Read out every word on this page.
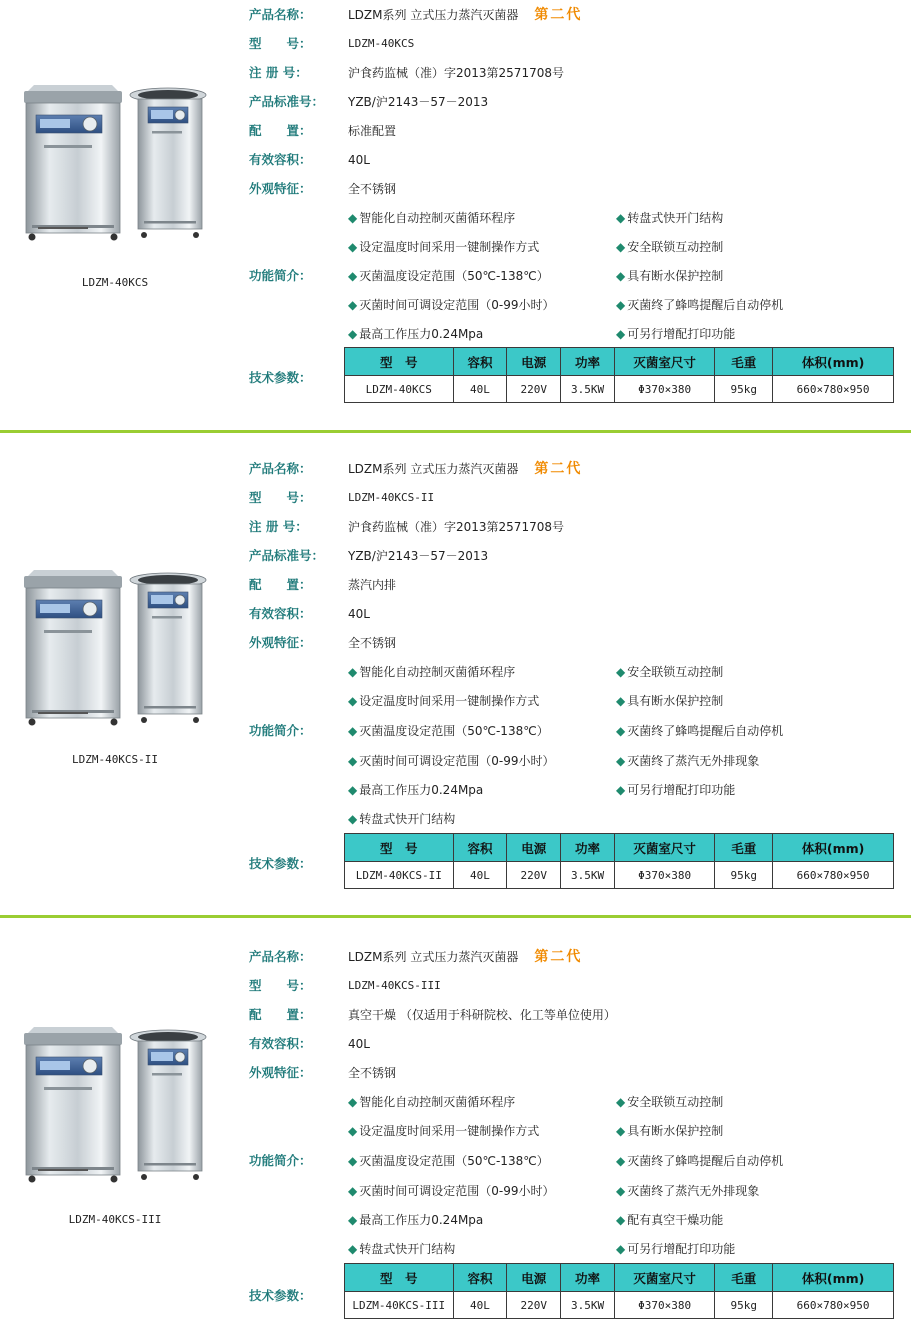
LDZM-40KCS
产品名称：	LDZM系列 立式压力蒸汽灭菌器 第二代
型　　号：	LDZM-40KCS
注 册 号：	沪食药监械（准）字2013第2571708号
产品标准号：	YZB/沪2143－57－2013
配　　置：	标准配置
有效容积：	40L
外观特征：	全不锈钢
功能简介：
◆ 智能化自动控制灭菌循环程序
◆ 设定温度时间采用一键制操作方式
◆ 灭菌温度设定范围（50℃-138℃）
◆ 灭菌时间可调设定范围（0-99小时）
◆ 最高工作压力0.24Mpa
◆ 转盘式快开门结构
◆ 安全联锁互动控制
◆ 具有断水保护控制
◆ 灭菌终了蜂鸣提醒后自动停机
◆ 可另行增配打印功能
技术参数：
型　号	容积	电源	功率	灭菌室尺寸	毛重	体积(mm)
LDZM-40KCS	40L	220V	3.5KW	Φ370×380	95kg	660×780×950
LDZM-40KCS-II
产品名称：	LDZM系列 立式压力蒸汽灭菌器 第二代
型　　号：	LDZM-40KCS-II
注 册 号：	沪食药监械（准）字2013第2571708号
产品标准号：	YZB/沪2143－57－2013
配　　置：	蒸汽内排
有效容积：	40L
外观特征：	全不锈钢
功能简介：
◆ 智能化自动控制灭菌循环程序
◆ 设定温度时间采用一键制操作方式
◆ 灭菌温度设定范围（50℃-138℃）
◆ 灭菌时间可调设定范围（0-99小时）
◆ 最高工作压力0.24Mpa
◆ 转盘式快开门结构
◆ 安全联锁互动控制
◆ 具有断水保护控制
◆ 灭菌终了蜂鸣提醒后自动停机
◆ 灭菌终了蒸汽无外排现象
◆ 可另行增配打印功能
技术参数：
型　号	容积	电源	功率	灭菌室尺寸	毛重	体积(mm)
LDZM-40KCS-II	40L	220V	3.5KW	Φ370×380	95kg	660×780×950
LDZM-40KCS-III
产品名称：	LDZM系列 立式压力蒸汽灭菌器 第二代
型　　号：	LDZM-40KCS-III
配　　置：	真空干燥 （仅适用于科研院校、化工等单位使用）
有效容积：	40L
外观特征：	全不锈钢
功能简介：
◆ 智能化自动控制灭菌循环程序
◆ 设定温度时间采用一键制操作方式
◆ 灭菌温度设定范围（50℃-138℃）
◆ 灭菌时间可调设定范围（0-99小时）
◆ 最高工作压力0.24Mpa
◆ 转盘式快开门结构
◆ 安全联锁互动控制
◆ 具有断水保护控制
◆ 灭菌终了蜂鸣提醒后自动停机
◆ 灭菌终了蒸汽无外排现象
◆ 配有真空干燥功能
◆ 可另行增配打印功能
技术参数：
型　号	容积	电源	功率	灭菌室尺寸	毛重	体积(mm)
LDZM-40KCS-III	40L	220V	3.5KW	Φ370×380	95kg	660×780×950
